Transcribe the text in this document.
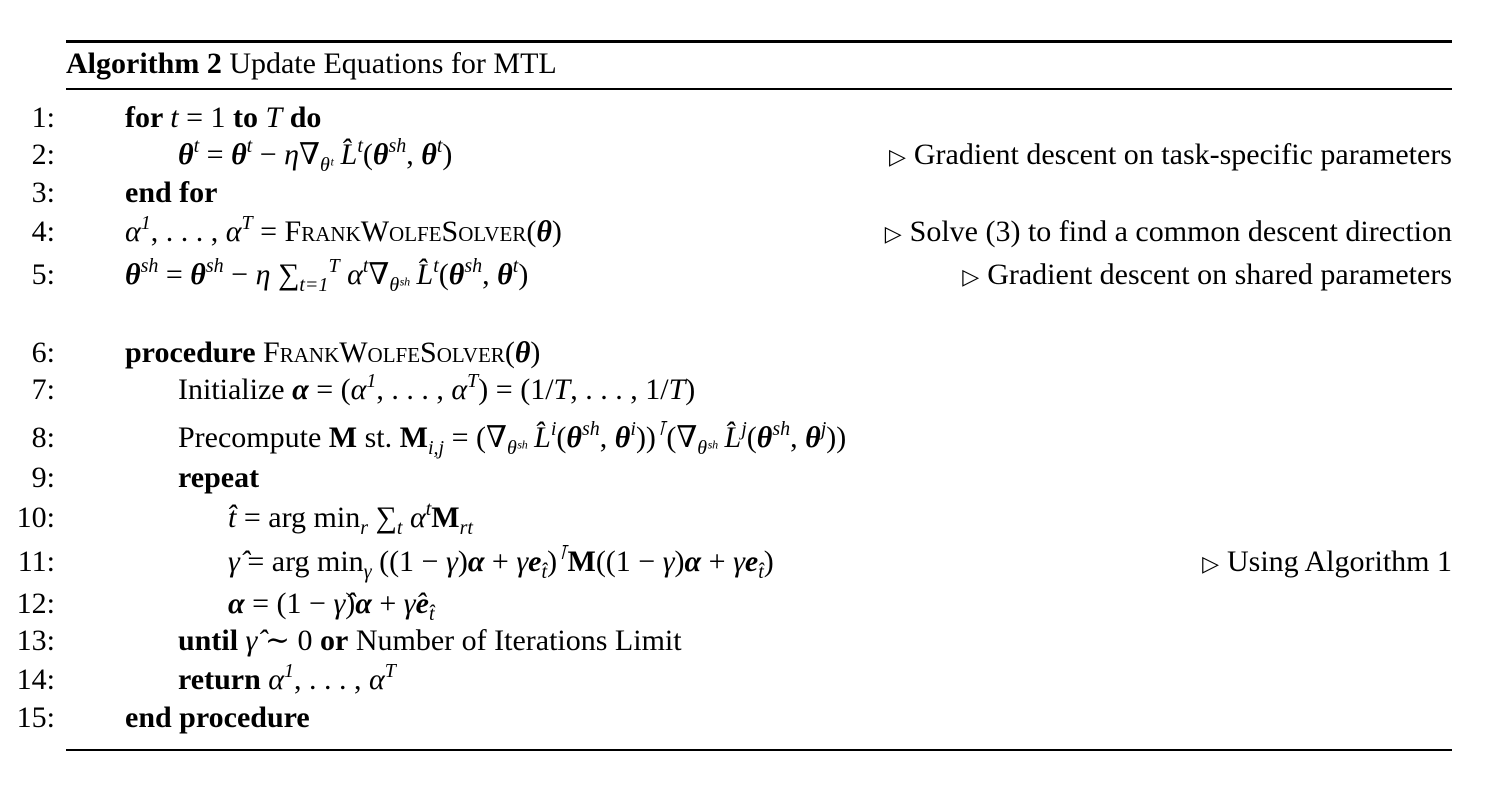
Algorithm 2 Update Equations for MTL
1: for t = 1 to T do
2:	$\theta^t = \theta^t - \eta\nabla_{\theta ᵗ}$ $L̂^t(\theta^{sh}$, $\theta^t$)	▷ Gradient descent on task-specific parameters
3: end for
4: $\alpha^1$, . . . , $\alpha^T$ = FrankWolfeSolver(θ)	▷ Solve (3) to find a common descent direction
5: $\theta^{sh} = \theta^{sh} - \eta$ $\sum_{t=1}^T$ $\alpha^t\nabla_{\theta ˢʰ}$ $L̂^t(\theta^{sh}$, $\theta^t$)	▷ Gradient descent on shared parameters
6: procedure FrankWolfeSolver(θ)
7:	Initialize $\alpha = (\alpha^1$, . . . , $\alpha^T) = (1/T$, . . . , 1/T)
8:	Precompute M st. $M_{i,j} = (\nabla_{\theta ˢʰ}$ $L̂^i(\theta^{sh}$, $\theta^i))^⊺(\nabla_{\theta ˢʰ}$ $L̂^j(\theta^{sh}$, $\theta^j$))
9:	repeat
10:	t̂ = arg $\min_r \sum_t$ $\alpha^tM_{rt}$
11:	γ̂ = arg $\min_\gamma ((1 - \gamma)\alpha + \gamma e_{t̂})^⊺M((1 - \gamma)\alpha + \gamma e_{t̂})$	▷ Using Algorithm 1
12:	α = (1 − γ̂)α + $\gammâe_{t̂}$
13:	until γ̂ ∼ 0 or Number of Iterations Limit
14:	return $\alpha^1$, . . . , $\alpha^T$
15: end procedure
